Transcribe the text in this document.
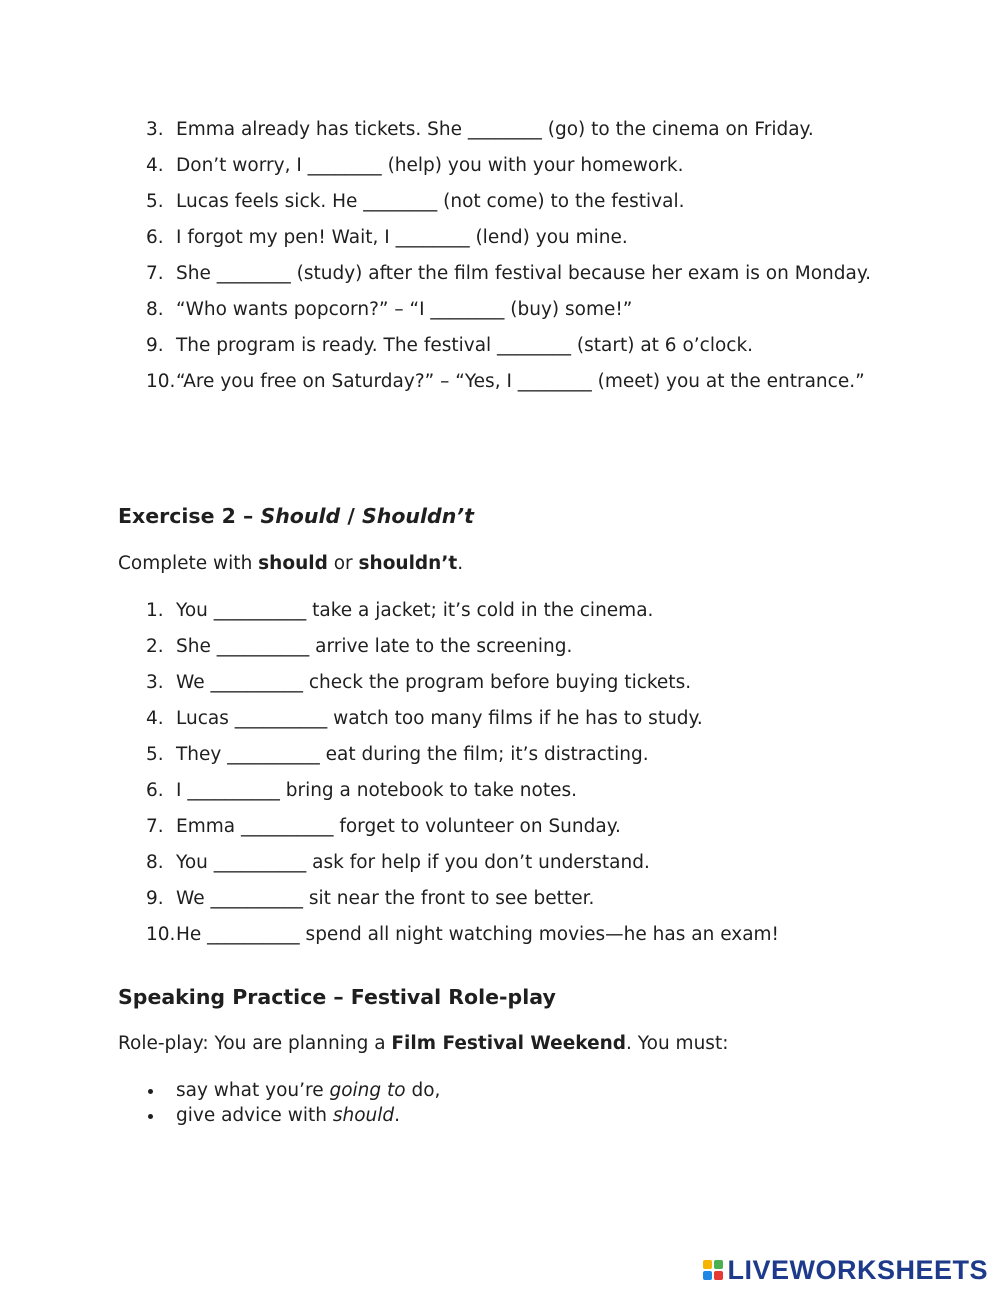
3. Emma already has tickets. She ________ (go) to the cinema on Friday.
4. Don’t worry, I ________ (help) you with your homework.
5. Lucas feels sick. He ________ (not come) to the festival.
6. I forgot my pen! Wait, I ________ (lend) you mine.
7. She ________ (study) after the film festival because her exam is on Monday.
8. “Who wants popcorn?” – “I ________ (buy) some!”
9. The program is ready. The festival ________ (start) at 6 o’clock.
10. “Are you free on Saturday?” – “Yes, I ________ (meet) you at the entrance.”
Exercise 2 – Should / Shouldn’t

Complete with should or shouldn’t.

1. You __________ take a jacket; it’s cold in the cinema.
2. She __________ arrive late to the screening.
3. We __________ check the program before buying tickets.
4. Lucas __________ watch too many films if he has to study.
5. They __________ eat during the film; it’s distracting.
6. I __________ bring a notebook to take notes.
7. Emma __________ forget to volunteer on Sunday.
8. You __________ ask for help if you don’t understand.
9. We __________ sit near the front to see better.
10. He __________ spend all night watching movies—he has an exam!
Speaking Practice – Festival Role-play

Role-play: You are planning a Film Festival Weekend. You must:

say what you’re going to do,
give advice with should.
LIVEWORKSHEETS
